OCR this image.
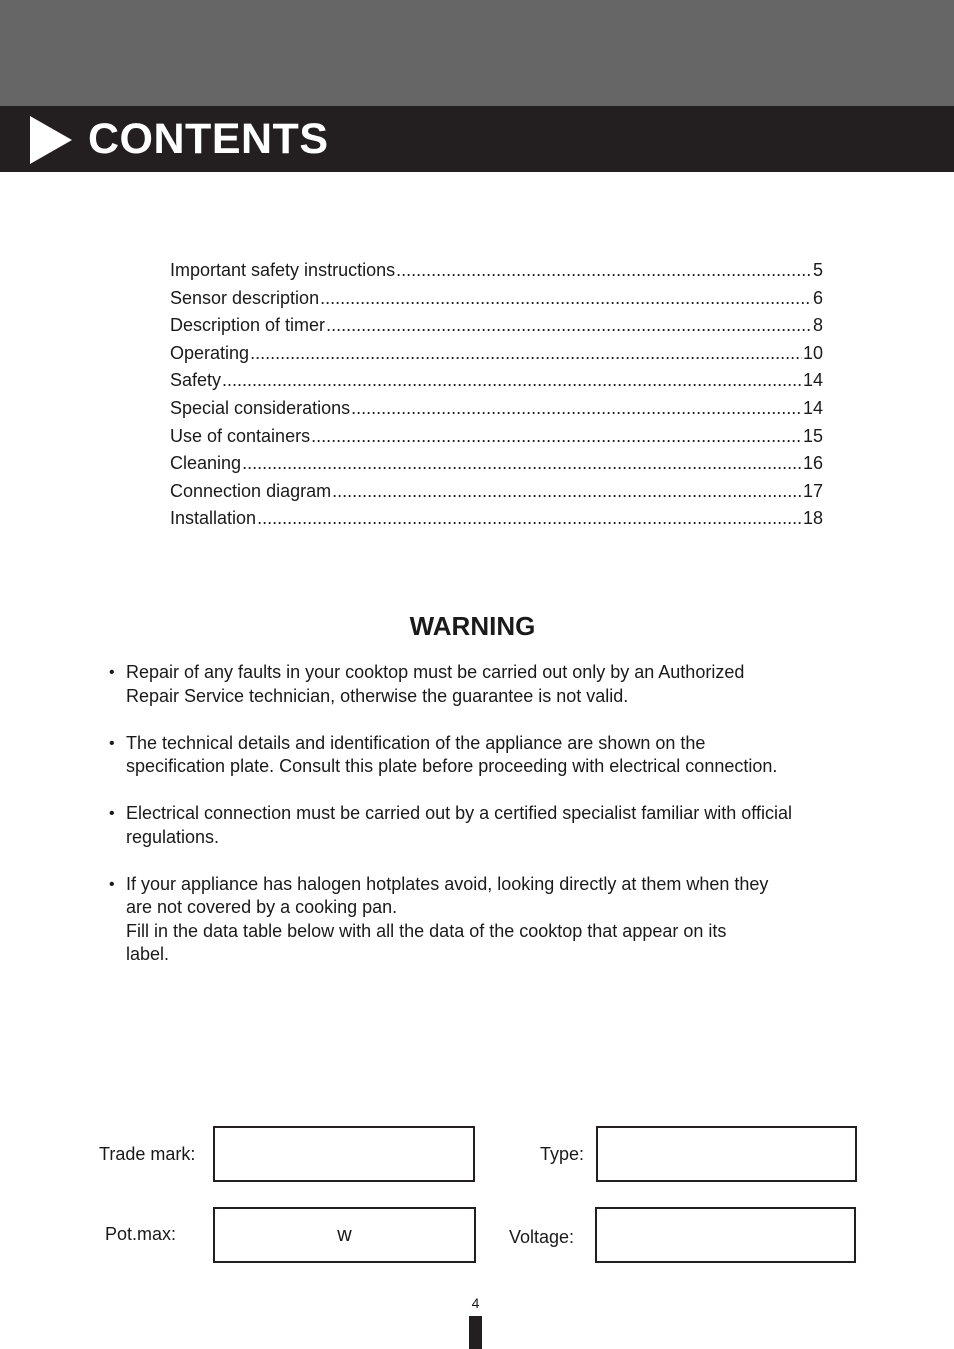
CONTENTS
Important safety instructions .....	5
Sensor description .....	6
Description of timer .....	8
Operating .....	10
Safety .....	14
Special considerations .....	14
Use of containers .....	15
Cleaning .....	16
Connection diagram .....	17
Installation .....	18
WARNING
• Repair of any faults in your cooktop must be carried out only by an Authorized
Repair Service technician, otherwise the guarantee is not valid.
• The technical details and identification of the appliance are shown on the
specification plate. Consult this plate before proceeding with electrical connection.
• Electrical connection must be carried out by a certified specialist familiar with official
regulations.
• If your appliance has halogen hotplates avoid, looking directly at them when they
are not covered by a cooking pan.
Fill in the data table below with all the data of the cooktop that appear on its
label.
Trade mark:	Type:
Pot.max:	w	Voltage:
4
